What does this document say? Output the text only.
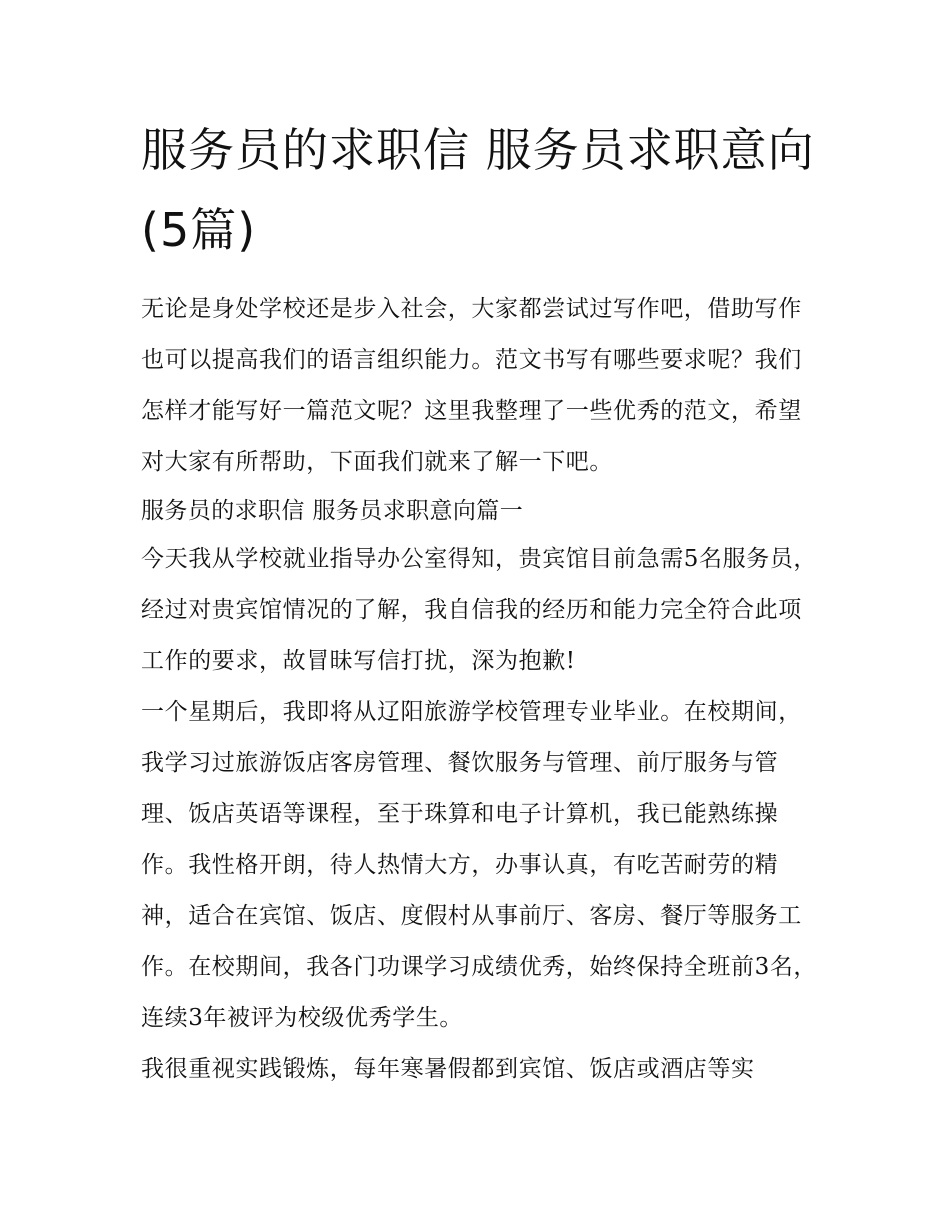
服务员的求职信 服务员求职意向(5篇)

无论是身处学校还是步入社会，大家都尝试过写作吧，借助写作也可以提高我们的语言组织能力。范文书写有哪些要求呢？我们怎样才能写好一篇范文呢？这里我整理了一些优秀的范文，希望对大家有所帮助，下面我们就来了解一下吧。

服务员的求职信 服务员求职意向篇一

今天我从学校就业指导办公室得知，贵宾馆目前急需5名服务员，经过对贵宾馆情况的了解，我自信我的经历和能力完全符合此项工作的要求，故冒昧写信打扰，深为抱歉!

一个星期后，我即将从辽阳旅游学校管理专业毕业。在校期间，我学习过旅游饭店客房管理、餐饮服务与管理、前厅服务与管理、饭店英语等课程，至于珠算和电子计算机，我已能熟练操作。我性格开朗，待人热情大方，办事认真，有吃苦耐劳的精神，适合在宾馆、饭店、度假村从事前厅、客房、餐厅等服务工作。在校期间，我各门功课学习成绩优秀，始终保持全班前3名，连续3年被评为校级优秀学生。

我很重视实践锻炼，每年寒暑假都到宾馆、饭店或酒店等实
